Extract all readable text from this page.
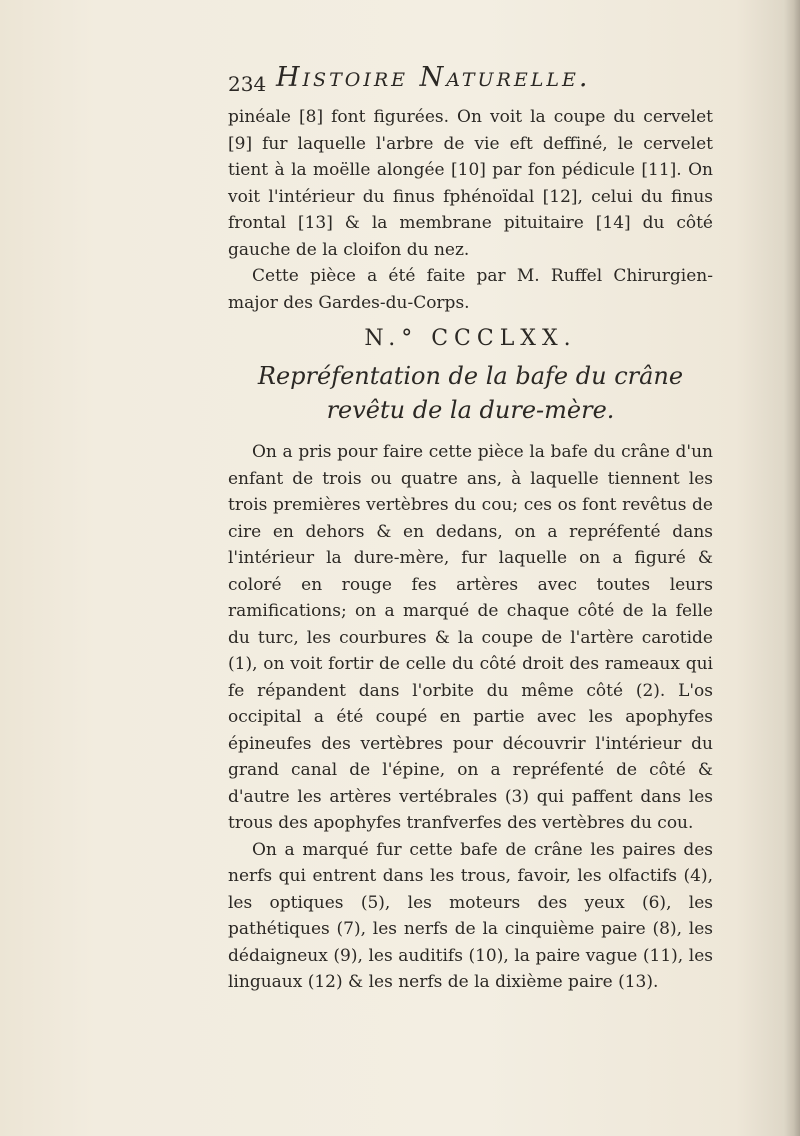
234 Histoire Naturelle.

pinéale [8] font figurées. On voit la coupe du cervelet [9] fur laquelle l'arbre de vie eft deffiné, le cervelet tient à la moëlle alongée [10] par fon pédicule [11]. On voit l'intérieur du finus fphénoïdal [12], celui du finus frontal [13] & la membrane pituitaire [14] du côté gauche de la cloifon du nez.

Cette pièce a été faite par M. Ruffel Chirurgien-major des Gardes-du-Corps.

N.° CCCLXX.
Repréfentation de la bafe du crâne revêtu de la dure-mère.

On a pris pour faire cette pièce la bafe du crâne d'un enfant de trois ou quatre ans, à laquelle tiennent les trois premières vertèbres du cou; ces os font revêtus de cire en dehors & en dedans, on a repréfenté dans l'intérieur la dure-mère, fur laquelle on a figuré & coloré en rouge fes artères avec toutes leurs ramifications; on a marqué de chaque côté de la felle du turc, les courbures & la coupe de l'artère carotide (1), on voit fortir de celle du côté droit des rameaux qui fe répandent dans l'orbite du même côté (2). L'os occipital a été coupé en partie avec les apophyfes épineufes des vertèbres pour découvrir l'intérieur du grand canal de l'épine, on a repréfenté de côté & d'autre les artères vertébrales (3) qui paffent dans les trous des apophyfes tranfverfes des vertèbres du cou.

On a marqué fur cette bafe de crâne les paires des nerfs qui entrent dans les trous, favoir, les olfactifs (4), les optiques (5), les moteurs des yeux (6), les pathétiques (7), les nerfs de la cinquième paire (8), les dédaigneux (9), les auditifs (10), la paire vague (11), les linguaux (12) & les nerfs de la dixième paire (13).
